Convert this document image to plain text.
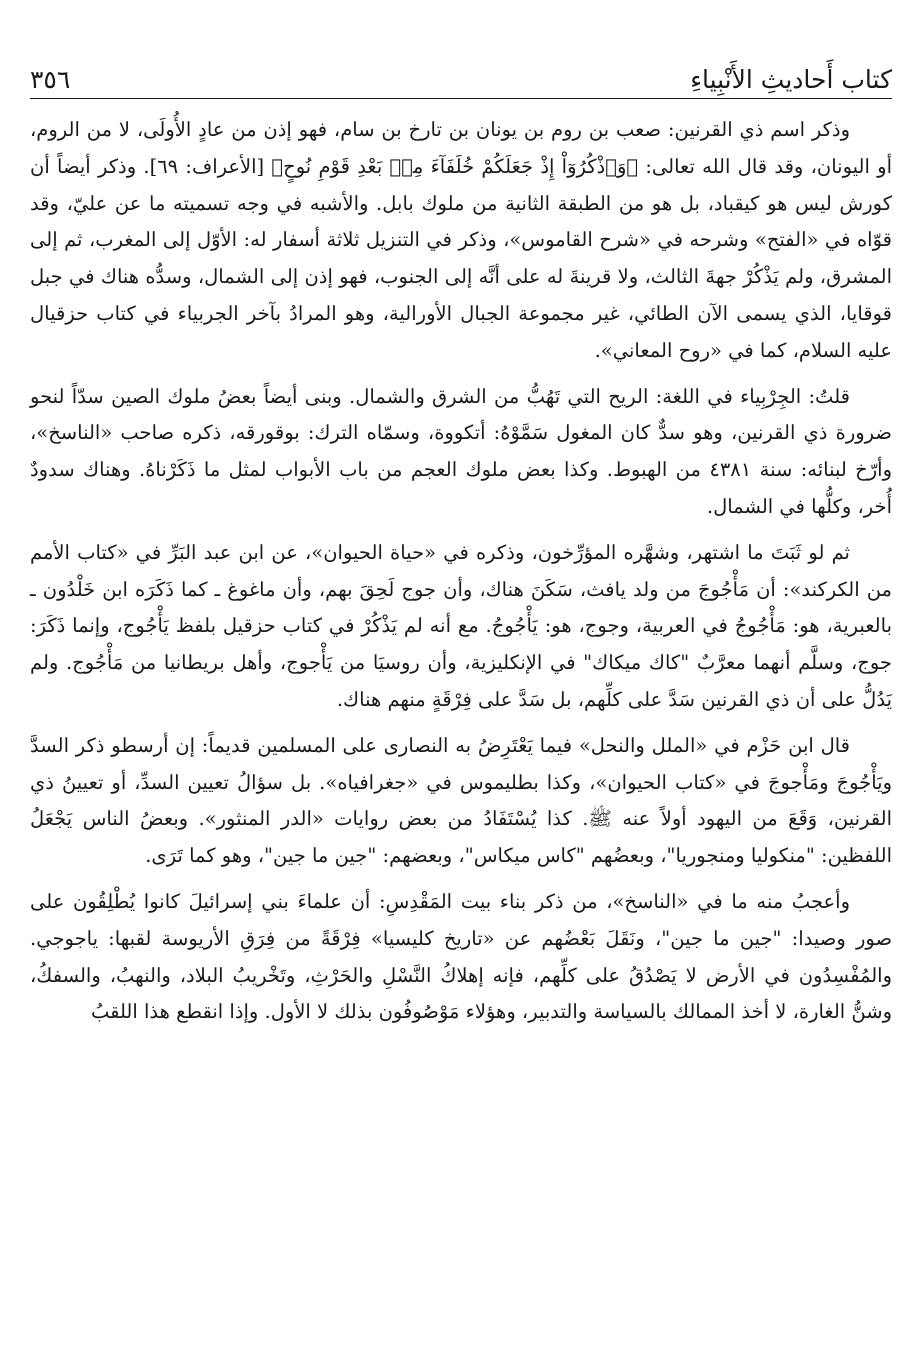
كتاب أَحاديثِ الأَنْبِياءِ
٣٥٦

وذكر اسم ذي القرنين: صعب بن روم بن يونان بن تارخ بن سام، فهو إذن من عادٍ الأُولَى، لا من الروم، أو اليونان، وقد قال الله تعالى: ﴿وَٱذْكُرُوٓاْ إِذْ جَعَلَكُمْ خُلَفَآءَ مِنۢ بَعْدِ قَوْمِ نُوحٍ﴾ [الأعراف: ٦٩]. وذكر أيضاً أن كورش ليس هو كيقباد، بل هو من الطبقة الثانية من ملوك بابل. والأشبه في وجه تسميته ما عن عليّ، وقد قوّاه في «الفتح» وشرحه في «شرح القاموس»، وذكر في التنزيل ثلاثة أسفار له: الأوّل إلى المغرب، ثم إلى المشرق، ولم يَذْكُرْ جهةَ الثالث، ولا قرينةَ له على أنَّه إلى الجنوب، فهو إذن إلى الشمال، وسدُّه هناك في جبل قوقايا، الذي يسمى الآن الطائي، غير مجموعة الجبال الأورالية، وهو المرادُ بآخر الجربياء في كتاب حزقيال عليه السلام، كما في «روح المعاني».

قلتُ: الجِرْبِياء في اللغة: الريح التي تَهُبُّ من الشرق والشمال. وبنى أيضاً بعضُ ملوك الصين سدّاً لنحو ضرورة ذي القرنين، وهو سدٌّ كان المغول سَمَّوْهُ: أتكووة، وسمّاه الترك: بوقورقه، ذكره صاحب «الناسخ»، وأرّخ لبنائه: سنة ٤٣٨١ من الهبوط. وكذا بعض ملوك العجم من باب الأبواب لمثل ما ذَكَرْناهُ. وهناك سدودٌ أُخر، وكلُّها في الشمال.

ثم لو ثَبَتَ ما اشتهر، وشهَّره المؤرِّخون، وذكره في «حياة الحيوان»، عن ابن عبد البَرِّ في «كتاب الأمم من الكركند»: أن مَأْجُوجَ من ولد يافث، سَكَنَ هناك، وأن جوج لَحِقَ بهم، وأن ماغوغ ـ كما ذَكَرَه ابن خَلْدُون ـ بالعبرية، هو: مَأْجُوجُ في العربية، وجوج، هو: يَأْجُوجُ. مع أنه لم يَذْكُرْ في كتاب حزقيل بلفظ يَأْجُوج، وإنما ذَكَرَ: جوج، وسلَّم أنهما معرَّبٌ "كاك ميكاك" في الإنكليزية، وأن روسيَا من يَأْجوج، وأهل بريطانيا من مَأْجُوج. ولم يَدُلُّ على أن ذي القرنين سَدَّ على كلِّهم، بل سَدَّ على فِرْقَةٍ منهم هناك.

قال ابن حَزْم في «الملل والنحل» فيما يَعْتَرِضُ به النصارى على المسلمين قديماً: إن أرسطو ذكر السدَّ ويَأْجُوجَ ومَأْجوجَ في «كتاب الحيوان»، وكذا بطليموس في «جغرافياه». بل سؤالُ تعيين السدِّ، أو تعيينُ ذي القرنين، وَقَعَ من اليهود أولاً عنه ﷺ. كذا يُسْتَفَادُ من بعض روايات «الدر المنثور». وبعضُ الناس يَجْعَلُ اللفظين: "منكوليا ومنجوريا"، وبعضُهم "كاس ميكاس"، وبعضهم: "جين ما جين"، وهو كما تَرَى.

وأعجبُ منه ما في «الناسخ»، من ذكر بناء بيت المَقْدِسِ: أن علماءَ بني إسرائيلَ كانوا يُطْلِقُون على صور وصيدا: "جين ما جين"، ونَقَلَ بَعْضُهم عن «تاريخ كليسيا» فِرْقَةً من فِرَقِ الأريوسة لقبها: ياجوجي. والمُفْسِدُون في الأرض لا يَصْدُقُ على كلِّهم، فإنه إهلاكُ النَّسْلِ والحَرْثِ، وتَخْريبُ البلاد، والنهبُ، والسفكُ، وشنُّ الغارة، لا أخذ الممالك بالسياسة والتدبير، وهؤلاء مَوْصُوفُون بذلك لا الأول. وإذا انقطع هذا اللقبُ
